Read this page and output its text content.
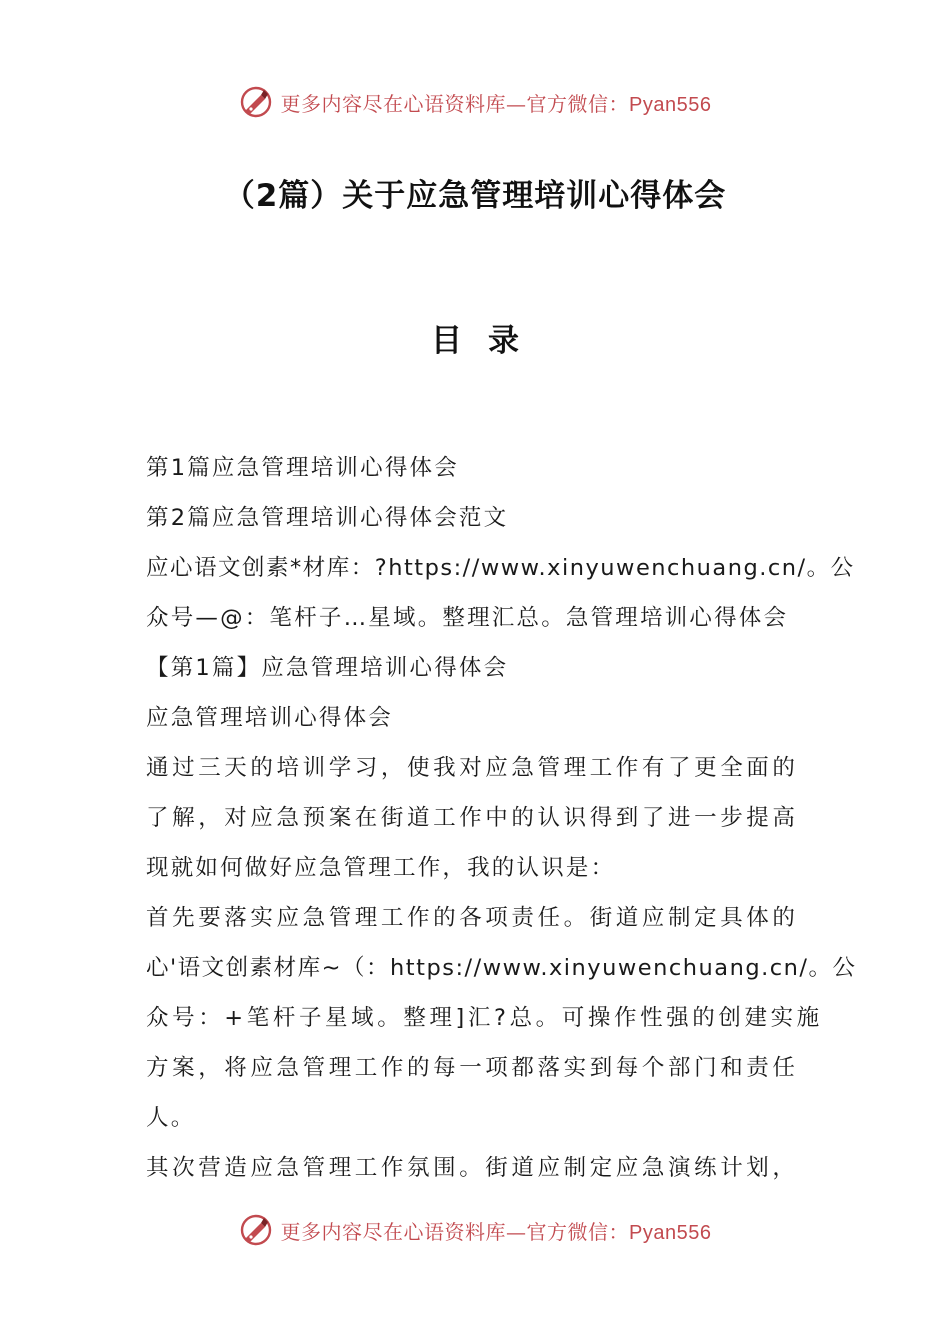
更多内容尽在心语资料库—官方微信：Pyan556
（2篇）关于应急管理培训心得体会
目录
第1篇应急管理培训心得体会
第2篇应急管理培训心得体会范文
应心语文创素*材库：?https://www.xinyuwenchuang.cn/。公
众号—@：笔杆子…星域。整理汇总。急管理培训心得体会
【第1篇】应急管理培训心得体会
应急管理培训心得体会
通过三天的培训学习，使我对应急管理工作有了更全面的
了解，对应急预案在街道工作中的认识得到了进一步提高
现就如何做好应急管理工作，我的认识是：
首先要落实应急管理工作的各项责任。街道应制定具体的
心'语文创素材库~（：https://www.xinyuwenchuang.cn/。公
众号：+笔杆子星域。整理]汇?总。可操作性强的创建实施
方案，将应急管理工作的每一项都落实到每个部门和责任
人。
其次营造应急管理工作氛围。街道应制定应急演练计划，
更多内容尽在心语资料库—官方微信：Pyan556
